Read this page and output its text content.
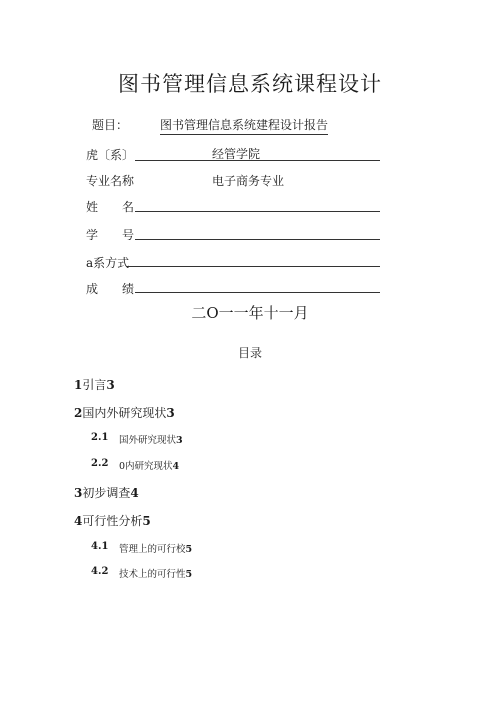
图书管理信息系统课程设计
题目：	图书管理信息系统建程设计报告
虎〔系〕	经管学院
专业名称	电子商务专业
姓　　名
学　　号
a系方式
成　　绩
二O一一年十一月
目录
1引言3
2国内外研究现状3
2.1 国外研究现状3
2.2 0内研究现状4
3初步调查4
4可行性分析5
4.1 管理上的可行校5
4.2 技术上的可行性5
